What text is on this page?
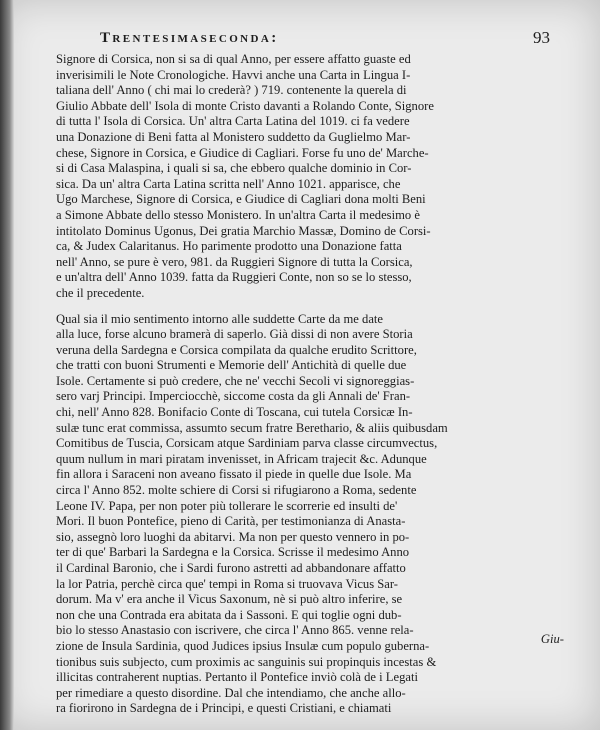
Trentesimaseconda:	93
Signore di Corsica, non si sa di qual Anno, per essere affatto guaste ed
inverisimili le Note Cronologiche. Havvi anche una Carta in Lingua I-
taliana dell' Anno ( chi mai lo crederà? ) 719. contenente la querela di
Giulio Abbate dell' Isola di monte Cristo davanti a Rolando Conte, Signore
di tutta l' Isola di Corsica. Un' altra Carta Latina del 1019. ci fa vedere
una Donazione di Beni fatta al Monistero suddetto da Guglielmo Mar-
chese, Signore in Corsica, e Giudice di Cagliari. Forse fu uno de' Marche-
si di Casa Malaspina, i quali si sa, che ebbero qualche dominio in Cor-
sica. Da un' altra Carta Latina scritta nell' Anno 1021. apparisce, che
Ugo Marchese, Signore di Corsica, e Giudice di Cagliari dona molti Beni
a Simone Abbate dello stesso Monistero. In un'altra Carta il medesimo è
intitolato Dominus Ugonus, Dei gratia Marchio Massæ, Domino de Corsi-
ca, & Judex Calaritanus. Ho parimente prodotto una Donazione fatta
nell' Anno, se pure è vero, 981. da Ruggieri Signore di tutta la Corsica,
e un'altra dell' Anno 1039. fatta da Ruggieri Conte, non so se lo stesso,
che il precedente.
Qual sia il mio sentimento intorno alle suddette Carte da me date
alla luce, forse alcuno bramerà di saperlo. Già dissi di non avere Storia
veruna della Sardegna e Corsica compilata da qualche erudito Scrittore,
che tratti con buoni Strumenti e Memorie dell' Antichità di quelle due
Isole. Certamente si può credere, che ne' vecchi Secoli vi signoreggias-
sero varj Principi. Imperciocchè, siccome costa da gli Annali de' Fran-
chi, nell' Anno 828. Bonifacio Conte di Toscana, cui tutela Corsicæ In-
sulæ tunc erat commissa, assumto secum fratre Berethario, & aliis quibusdam
Comitibus de Tuscia, Corsicam atque Sardiniam parva classe circumvectus,
quum nullum in mari piratam invenisset, in Africam trajecit &c. Adunque
fin allora i Saraceni non aveano fissato il piede in quelle due Isole. Ma
circa l' Anno 852. molte schiere di Corsi si rifugiarono a Roma, sedente
Leone IV. Papa, per non poter più tollerare le scorrerie ed insulti de'
Mori. Il buon Pontefice, pieno di Carità, per testimonianza di Anasta-
sio, assegnò loro luoghi da abitarvi. Ma non per questo vennero in po-
ter di que' Barbari la Sardegna e la Corsica. Scrisse il medesimo Anno
il Cardinal Baronio, che i Sardi furono astretti ad abbandonare affatto
la lor Patria, perchè circa que' tempi in Roma si truovava Vicus Sar-
dorum. Ma v' era anche il Vicus Saxonum, nè si può altro inferire, se
non che una Contrada era abitata da i Sassoni. E qui toglie ogni dub-
bio lo stesso Anastasio con iscrivere, che circa l' Anno 865. venne rela-
zione de Insula Sardinia, quod Judices ipsius Insulæ cum populo guberna-
tionibus suis subjecto, cum proximis ac sanguinis sui propinquis incestas &
illicitas contraherent nuptias. Pertanto il Pontefice inviò colà de i Legati
per rimediare a questo disordine. Dal che intendiamo, che anche allo-
ra fiorirono in Sardegna de i Principi, e questi Cristiani, e chiamati
Giu-
